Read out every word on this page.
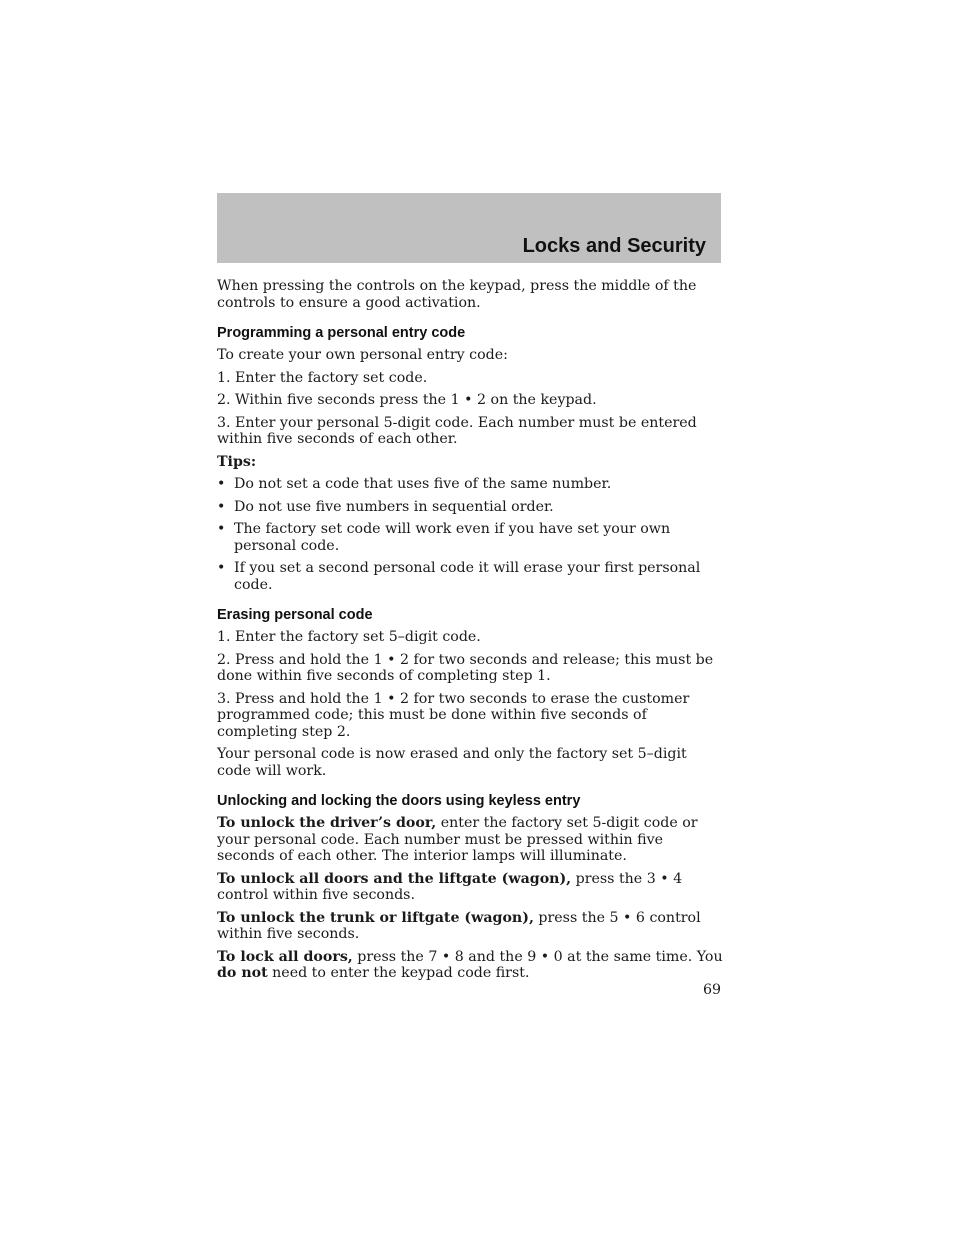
Locks and Security

When pressing the controls on the keypad, press the middle of the controls to ensure a good activation.

Programming a personal entry code

To create your own personal entry code:

1. Enter the factory set code.

2. Within five seconds press the 1 • 2 on the keypad.

3. Enter your personal 5-digit code. Each number must be entered within five seconds of each other.

Tips:

• Do not set a code that uses five of the same number.
• Do not use five numbers in sequential order.
• The factory set code will work even if you have set your own personal code.
• If you set a second personal code it will erase your first personal code.
Erasing personal code

1. Enter the factory set 5–digit code.

2. Press and hold the 1 • 2 for two seconds and release; this must be done within five seconds of completing step 1.

3. Press and hold the 1 • 2 for two seconds to erase the customer programmed code; this must be done within five seconds of completing step 2.

Your personal code is now erased and only the factory set 5–digit code will work.

Unlocking and locking the doors using keyless entry

To unlock the driver’s door, enter the factory set 5-digit code or your personal code. Each number must be pressed within five seconds of each other. The interior lamps will illuminate.

To unlock all doors and the liftgate (wagon), press the 3 • 4 control within five seconds.

To unlock the trunk or liftgate (wagon), press the 5 • 6 control within five seconds.

To lock all doors, press the 7 • 8 and the 9 • 0 at the same time. You do not need to enter the keypad code first.

69
